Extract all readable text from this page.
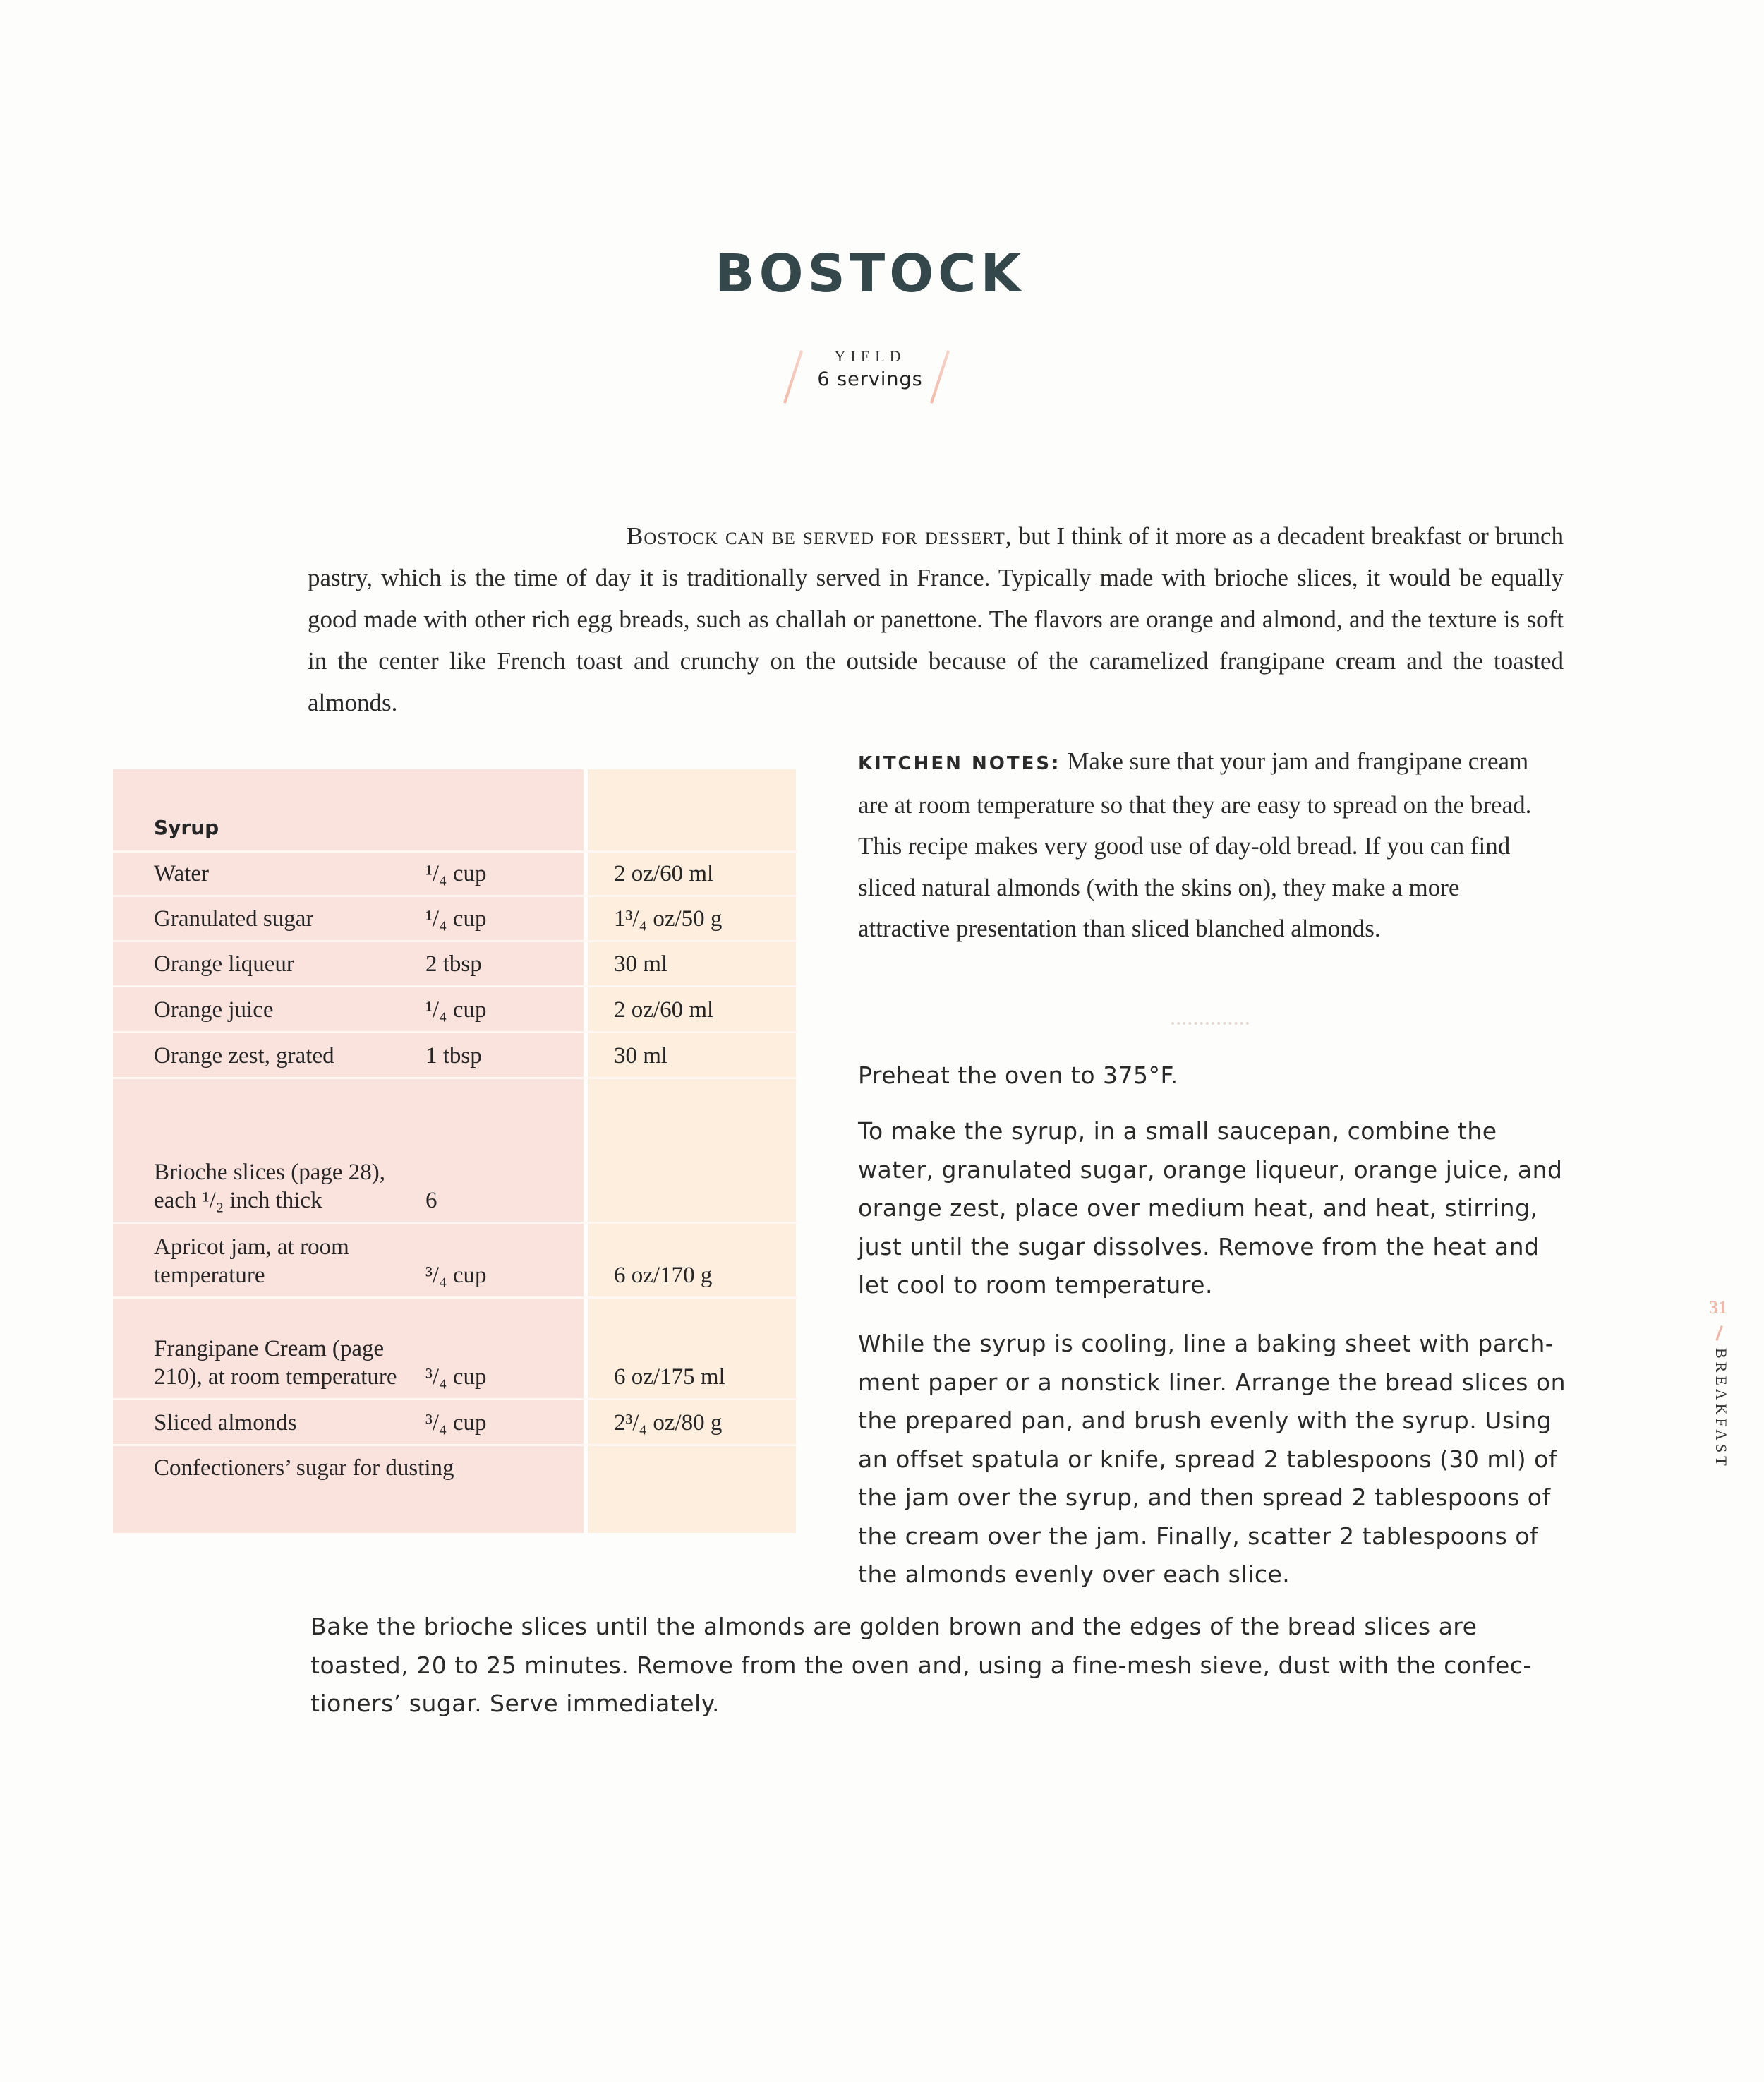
BOSTOCK
YIELD
6 servings
Bostock can be served for dessert, but I think of it more as a decadent breakfast or brunch pastry, which is the time of day it is traditionally served in France. Typically made with brioche slices, it would be equally good made with other rich egg breads, such as challah or panettone. The flavors are orange and almond, and the texture is soft in the center like French toast and crunchy on the outside because of the caramelized frangipane cream and the toasted almonds.
Syrup
Water	¹/₄ cup	2 oz/60 ml
Granulated sugar	¹/₄ cup	1³/₄ oz/50 g
Orange liqueur	2 tbsp	30 ml
Orange juice	¹/₄ cup	2 oz/60 ml
Orange zest, grated	1 tbsp	30 ml
Brioche slices (page 28), each ¹/₂ inch thick	6
Apricot jam, at room temperature	³/₄ cup	6 oz/170 g
Frangipane Cream (page 210), at room temperature	³/₄ cup	6 oz/175 ml
Sliced almonds	³/₄ cup	2³/₄ oz/80 g
Confectioners’ sugar for dusting
KITCHEN NOTES: Make sure that your jam and frangipane cream are at room temperature so that they are easy to spread on the bread. This recipe makes very good use of day-old bread. If you can find sliced natural almonds (with the skins on), they make a more attractive presentation than sliced blanched almonds.
Preheat the oven to 375°F.
To make the syrup, in a small saucepan, combine the water, granulated sugar, orange liqueur, orange juice, and orange zest, place over medium heat, and heat, stirring, just until the sugar dissolves. Remove from the heat and let cool to room temperature.
While the syrup is cooling, line a baking sheet with parch-ment paper or a nonstick liner. Arrange the bread slices on the prepared pan, and brush evenly with the syrup. Using an offset spatula or knife, spread 2 tablespoons (30 ml) of the jam over the syrup, and then spread 2 tablespoons of the cream over the jam. Finally, scatter 2 tablespoons of the almonds evenly over each slice.
Bake the brioche slices until the almonds are golden brown and the edges of the bread slices are toasted, 20 to 25 minutes. Remove from the oven and, using a fine-mesh sieve, dust with the confec-tioners’ sugar. Serve immediately.
31
BREAKFAST
